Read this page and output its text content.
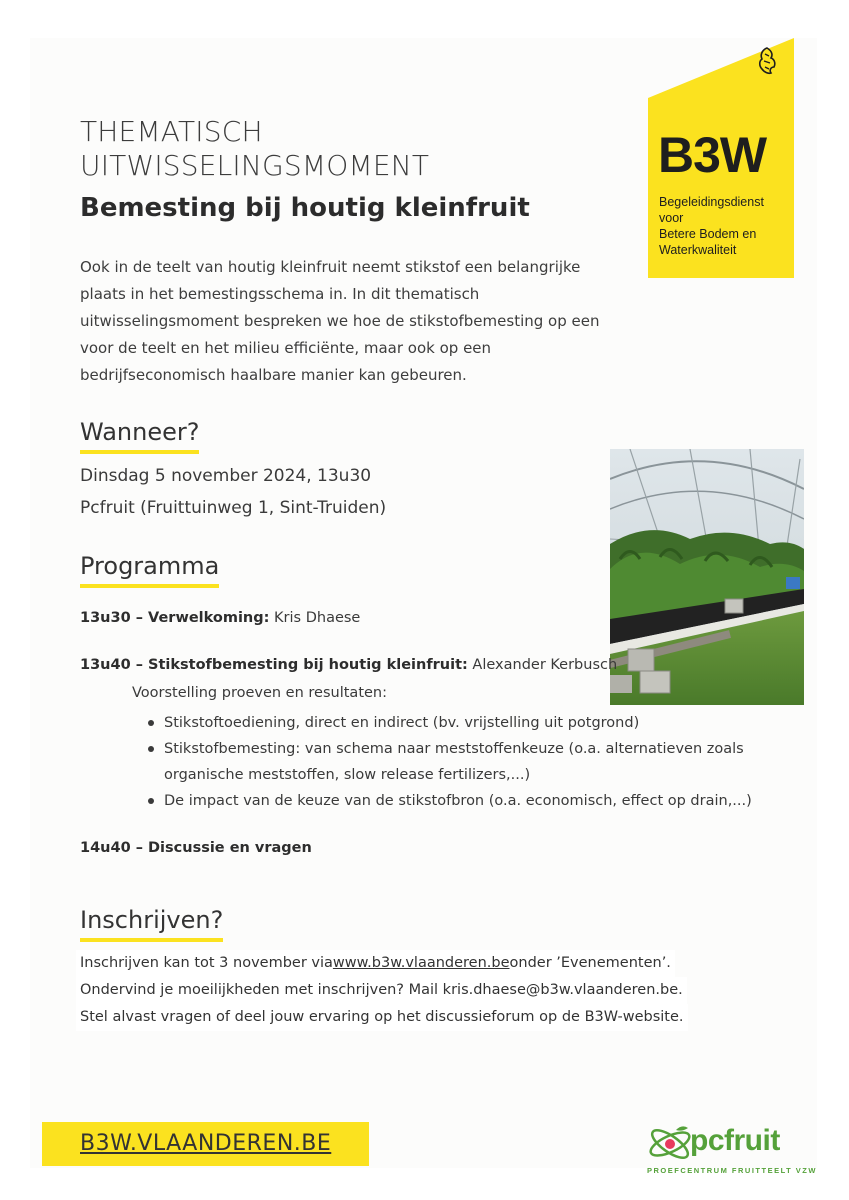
B3W
Begeleidingsdienst
voor
Betere Bodem en
Waterkwaliteit
THEMATISCH
UITWISSELINGSMOMENT
Bemesting bij houtig kleinfruit
Ook in de teelt van houtig kleinfruit neemt stikstof een belangrijke
plaats in het bemestingsschema in. In dit thematisch
uitwisselingsmoment bespreken we hoe de stikstofbemesting op een
voor de teelt en het milieu efficiënte, maar ook op een
bedrijfseconomisch haalbare manier kan gebeuren.
Wanneer?
Dinsdag 5 november 2024, 13u30
Pcfruit (Fruittuinweg 1, Sint-Truiden)
Programma
13u30 – Verwelkoming: Kris Dhaese
13u40 – Stikstofbemesting bij houtig kleinfruit: Alexander Kerbusch
Voorstelling proeven en resultaten:
Stikstoftoediening, direct en indirect (bv. vrijstelling uit potgrond)
Stikstofbemesting: van schema naar meststoffenkeuze (o.a. alternatieven zoals
organische meststoffen, slow release fertilizers,...)
De impact van de keuze van de stikstofbron (o.a. economisch, effect op drain,...)
14u40 – Discussie en vragen
Inschrijven?
Inschrijven kan tot 3 november viawww.b3w.vlaanderen.beonder ’Evenementen’.
Ondervind je moeilijkheden met inschrijven? Mail kris.dhaese@b3w.vlaanderen.be.
Stel alvast vragen of deel jouw ervaring op het discussieforum op de B3W-website.
B3W.VLAANDEREN.BE	pcfruit
PROEFCENTRUM FRUITTEELT VZW
